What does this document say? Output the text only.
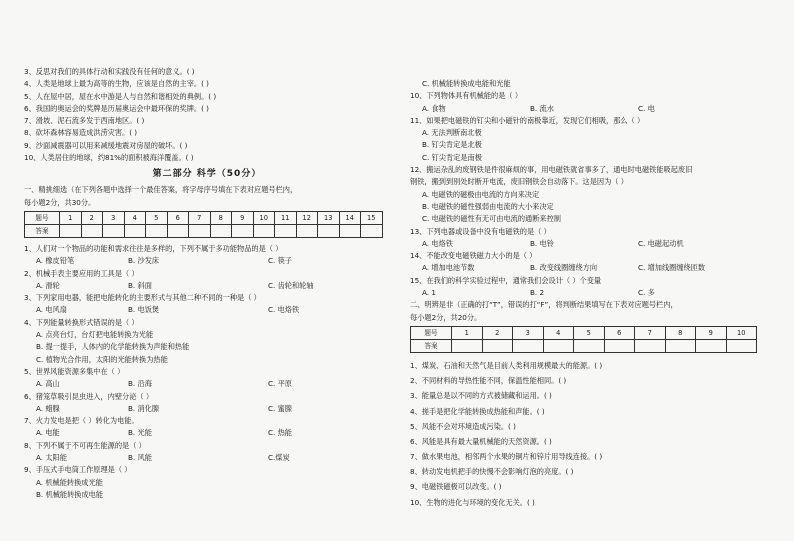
3、反思对我们的具体行动和实践没有任何的意义。( )
4、人类是地球上最为高等的生物，应该是自然的主宰。( )
5、人在屋中居，屋在水中游是人与自然和谐相处的典例。( )
6、我国的奥运会的奖牌是历届奥运会中最环保的奖牌。( )
7、滑坡、泥石流多发于西南地区。( )
8、砍坏森林容易造成洪涝灾害。( )
9、沙面减震器可以用来减缓地震对房屋的破坏。( )
10、人类居住的地球，约81%的面积被海洋覆盖。( )
第二部分 科学（50分）
一、精挑细选（在下列各题中选择一个最佳答案，将字母序号填在下表对应题号栏内，
每小题2分，共30分。
题号	1	2	3	4	5	6	7	8	9	10	11	12	13	14	15
答案															
1、人们对一个物品的功能和需求往往是多样的，下列不属于多功能物品的是（ ）
A. 橡皮铅笔	B. 沙发床	C. 筷子
2、机械手表主要应用的工具是（ ）
A. 滑轮	B. 斜面	C. 齿轮和轮轴
3、下列家用电器，能把电能转化的主要形式与其他二种不同的一种是（ ）
A. 电风扇	B. 电饭煲	C. 电烙铁
4、下列能量转换形式错误的是（ ）
A. 点亮台灯，台灯把电能转换为光能
B. 提一提手，人体内的化学能转换为声能和热能
C. 植物光合作用，太阳的光能转换为热能
5、世界风能资源多集中在（ ）
A. 高山	B. 沿海	C. 平原
6、猪笼草吸引昆虫进入，内壁分泌（ ）
A. 蜡腺	B. 消化腺	C. 蜜腺
7、火力发电是把（ ）转化为电能。
A. 电能	B. 光能	C. 热能
8、下列不属于不可再生能源的是（ ）
A. 太阳能	B. 风能	C.煤炭
9、手压式手电筒工作原理是（ ）
A. 机械能转换成光能
B. 机械能转换成电能
C. 机械能转换成电能和光能
10、下列物体具有机械能的是（ ）
A. 食物	B. 流水	C. 电
11、如果把电磁铁的钉尖和小磁针的南极靠近，发现它们相吸，那么（ ）
A. 无法判断南北极
B. 钉尖肯定是北极
C. 钉尖肯定是南极
12、搬运杂乱的废钢铁是件很麻烦的事，用电磁铁就省事多了，通电时电磁铁能吸起废旧
钢铁，搬到到别处时断开电流，废旧钢铁会自动落下。这是因为（ ）
A. 电磁铁的磁极由电流的方向来决定
B. 电磁铁的磁性强弱由电流的大小来决定
C. 电磁铁的磁性有无可由电流的通断来控制
13、下列电器或设备中没有电磁铁的是（ ）
A. 电烙铁	B. 电铃	C. 电磁起动机
14、不能改变电磁铁磁力大小的是（ ）
A. 增加电池节数	B. 改变线圈缠绕方向	C. 增加线圈缠绕匝数
15、在我们的科学实验过程中，通常我们会设计（ ）个变量
A. 1	B. 2	C. 多
二、明辨是非（正确的打“T”，错误的打“F”，将判断结果填写在下表对应题号栏内，
每小题2分，共20分。
题号	1	2	3	4	5	6	7	8	9	10
答案										
1、煤炭、石油和天然气是目前人类利用规模最大的能源。( )
2、不同材料的导热性能不同，保温性能相同。( )
3、能量总是以不同的方式被储藏和运用。( )
4、搓手是把化学能转换成热能和声能。( )
5、风能不会对环境造成污染。( )
6、风能是具有最大量机械能的天然资源。( )
7、做水果电池，相邻两个水果的铜片和锌片用导线连接。( )
8、转动发电机把手的快慢不会影响灯泡的亮度。( )
9、电磁铁磁极可以改变。( )
10、生物的进化与环境的变化无关。( )
